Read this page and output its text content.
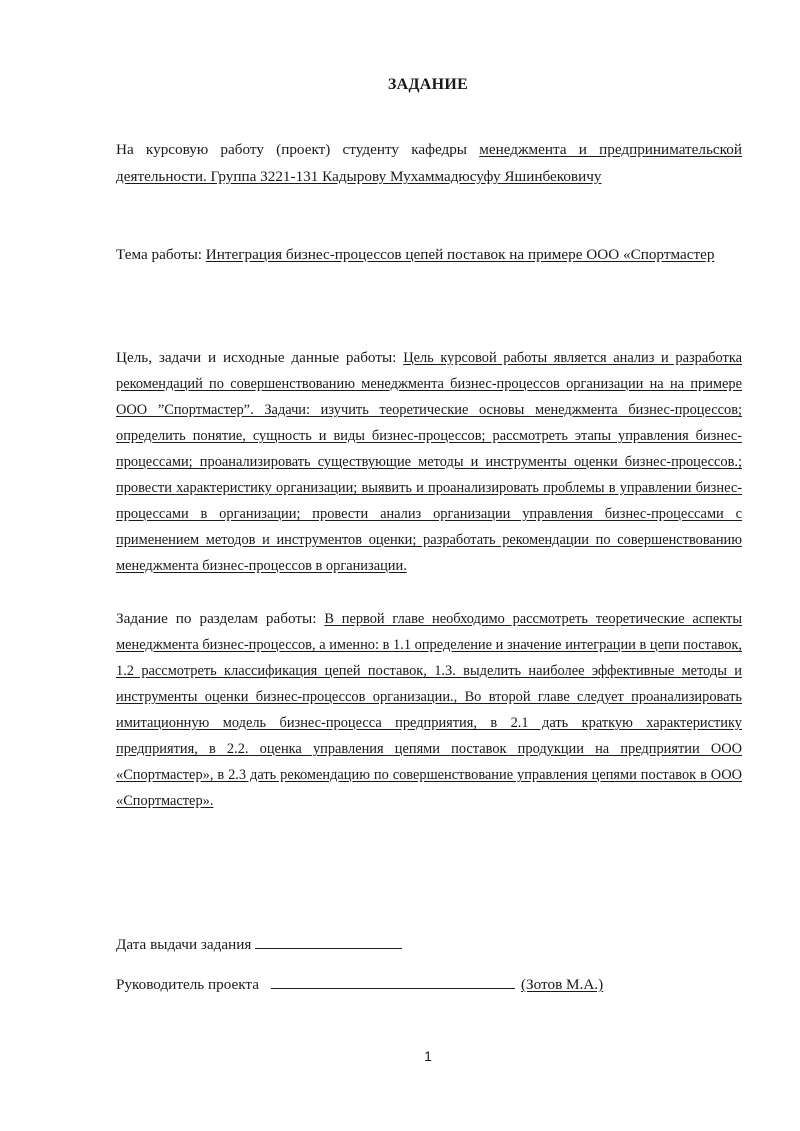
ЗАДАНИЕ
На курсовую работу (проект) студенту кафедры менеджмента и предпринимательской деятельности. Группа 3221-131 Кадырову Мухаммадюсуфу Яшинбековичу
Тема работы: Интеграция бизнес-процессов цепей поставок на примере ООО «Спортмастер
Цель, задачи и исходные данные работы: Цель курсовой работы является анализ и разработка рекомендаций по совершенствованию менеджмента бизнес-процессов организации на на примере ООО ”Спортмастер”. Задачи: изучить теоретические основы менеджмента бизнес-процессов; определить понятие, сущность и виды бизнес-процессов; рассмотреть этапы управления бизнес-процессами; проанализировать существующие методы и инструменты оценки бизнес-процессов.; провести характеристику организации; выявить и проанализировать проблемы в управлении бизнес-процессами в организации; провести анализ организации управления бизнес-процессами с применением методов и инструментов оценки; разработать рекомендации по совершенствованию менеджмента бизнес-процессов в организации.
Задание по разделам работы: В первой главе необходимо рассмотреть теоретические аспекты менеджмента бизнес-процессов, а именно: в 1.1 определение и значение интеграции в цепи поставок, 1.2 рассмотреть классификация цепей поставок, 1.3. выделить наиболее эффективные методы и инструменты оценки бизнес-процессов организации., Во второй главе следует проанализировать имитационную модель бизнес-процесса предприятия, в 2.1 дать краткую характеристику предприятия, в 2.2. оценка управления цепями поставок продукции на предприятии ООО «Спортмастер», в 2.3 дать рекомендацию по совершенствование управления цепями поставок в ООО «Спортмастер».
Дата выдачи задания
Руководитель проекта	(Зотов М.А.)
1
